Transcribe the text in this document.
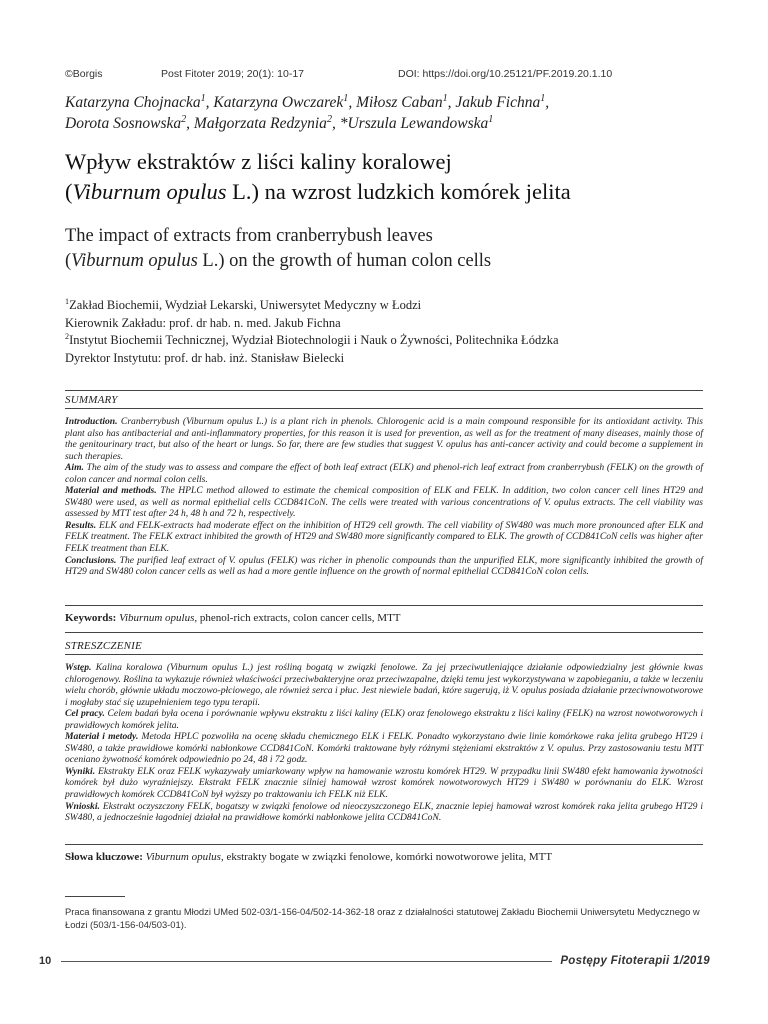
©Borgis	Post Fitoter 2019; 20(1): 10-17	DOI: https://doi.org/10.25121/PF.2019.20.1.10
Katarzyna Chojnacka$^1$, Katarzyna Owczarek$^1$, Miłosz Caban$^1$, Jakub Fichna$^1$,
Dorota Sosnowska$^2$, Małgorzata Redzynia$^2$, *Urszula Lewandowska$^1$
Wpływ ekstraktów z liści kaliny koralowej
(Viburnum opulus L.) na wzrost ludzkich komórek jelita
The impact of extracts from cranberrybush leaves
(Viburnum opulus L.) on the growth of human colon cells
$^1$Zakład Biochemii, Wydział Lekarski, Uniwersytet Medyczny w Łodzi
Kierownik Zakładu: prof. dr hab. n. med. Jakub Fichna
$^2$Instytut Biochemii Technicznej, Wydział Biotechnologii i Nauk o Żywności, Politechnika Łódzka
Dyrektor Instytutu: prof. dr hab. inż. Stanisław Bielecki
SUMMARY

Introduction. Cranberrybush (Viburnum opulus L.) is a plant rich in phenols. Chlorogenic acid is a main compound responsible for its antioxidant activity. This plant also has antibacterial and anti-inflammatory properties, for this reason it is used for prevention, as well as for the treatment of many diseases, mainly those of the genitourinary tract, but also of the heart or lungs. So far, there are few studies that suggest V. opulus has anti-cancer activity and could become a supplement in such therapies.

Aim. The aim of the study was to assess and compare the effect of both leaf extract (ELK) and phenol-rich leaf extract from cranberrybush (FELK) on the growth of colon cancer and normal colon cells.

Material and methods. The HPLC method allowed to estimate the chemical composition of ELK and FELK. In addition, two colon cancer cell lines HT29 and SW480 were used, as well as normal epithelial cells CCD841CoN. The cells were treated with various concentrations of V. opulus extracts. The cell viability was assessed by MTT test after 24 h, 48 h and 72 h, respectively.

Results. ELK and FELK-extracts had moderate effect on the inhibition of HT29 cell growth. The cell viability of SW480 was much more pronounced after ELK and FELK treatment. The FELK extract inhibited the growth of HT29 and SW480 more significantly compared to ELK. The growth of CCD841CoN cells was higher after FELK treatment than ELK.

Conclusions. The purified leaf extract of V. opulus (FELK) was richer in phenolic compounds than the unpurified ELK, more significantly inhibited the growth of HT29 and SW480 colon cancer cells as well as had a more gentle influence on the growth of normal epithelial CCD841CoN colon cells.

Keywords: Viburnum opulus, phenol-rich extracts, colon cancer cells, MTT
STRESZCZENIE

Wstęp. Kalina koralowa (Viburnum opulus L.) jest rośliną bogatą w związki fenolowe. Za jej przeciwutleniające działanie odpowiedzialny jest głównie kwas chlorogenowy. Roślina ta wykazuje również właściwości przeciwbakteryjne oraz przeciwzapalne, dzięki temu jest wykorzystywana w zapobieganiu, a także w leczeniu wielu chorób, głównie układu moczowo-płciowego, ale również serca i płuc. Jest niewiele badań, które sugerują, iż V. opulus posiada działanie przeciwnowotworowe i mogłaby stać się uzupełnieniem tego typu terapii.

Cel pracy. Celem badań była ocena i porównanie wpływu ekstraktu z liści kaliny (ELK) oraz fenolowego ekstraktu z liści kaliny (FELK) na wzrost nowotworowych i prawidłowych komórek jelita.

Materiał i metody. Metoda HPLC pozwoliła na ocenę składu chemicznego ELK i FELK. Ponadto wykorzystano dwie linie komórkowe raka jelita grubego HT29 i SW480, a także prawidłowe komórki nabłonkowe CCD841CoN. Komórki traktowane były różnymi stężeniami ekstraktów z V. opulus. Przy zastosowaniu testu MTT oceniano żywotność komórek odpowiednio po 24, 48 i 72 godz.

Wyniki. Ekstrakty ELK oraz FELK wykazywały umiarkowany wpływ na hamowanie wzrostu komórek HT29. W przypadku linii SW480 efekt hamowania żywotności komórek był dużo wyraźniejszy. Ekstrakt FELK znacznie silniej hamował wzrost komórek nowotworowych HT29 i SW480 w porównaniu do ELK. Wzrost prawidłowych komórek CCD841CoN był wyższy po traktowaniu ich FELK niż ELK.

Wnioski. Ekstrakt oczyszczony FELK, bogatszy w związki fenolowe od nieoczyszczonego ELK, znacznie lepiej hamował wzrost komórek raka jelita grubego HT29 i SW480, a jednocześnie łagodniej działał na prawidłowe komórki nabłonkowe jelita CCD841CoN.

Słowa kluczowe: Viburnum opulus, ekstrakty bogate w związki fenolowe, komórki nowotworowe jelita, MTT
Praca finansowana z grantu Młodzi UMed 502-03/1-156-04/502-14-362-18 oraz z działalności statutowej Zakładu Biochemii Uniwersytetu Medycznego w Łodzi (503/1-156-04/503-01).
10	Postępy Fitoterapii 1/2019
